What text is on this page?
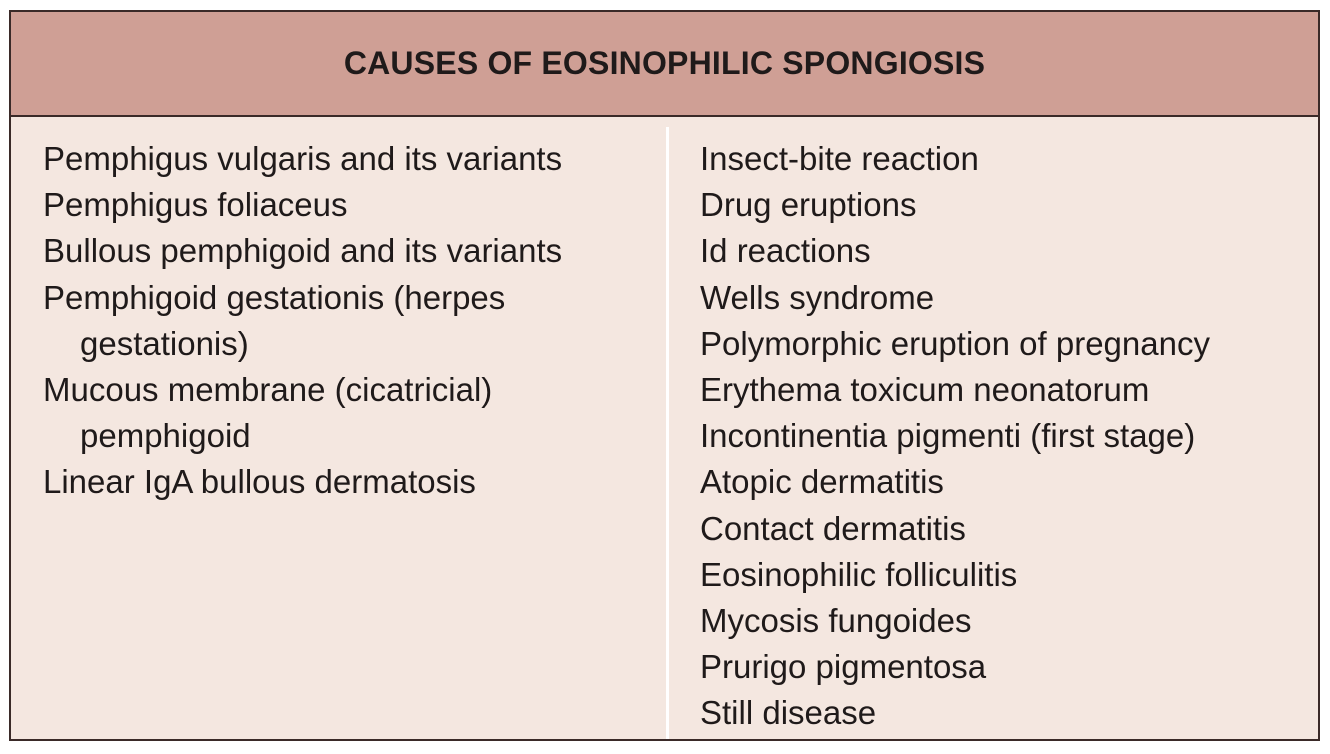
CAUSES OF EOSINOPHILIC SPONGIOSIS
Pemphigus vulgaris and its variants
Pemphigus foliaceus
Bullous pemphigoid and its variants
Pemphigoid gestationis (herpes gestationis)
Mucous membrane (cicatricial) pemphigoid
Linear IgA bullous dermatosis
Insect-bite reaction
Drug eruptions
Id reactions
Wells syndrome
Polymorphic eruption of pregnancy
Erythema toxicum neonatorum
Incontinentia pigmenti (first stage)
Atopic dermatitis
Contact dermatitis
Eosinophilic folliculitis
Mycosis fungoides
Prurigo pigmentosa
Still disease
